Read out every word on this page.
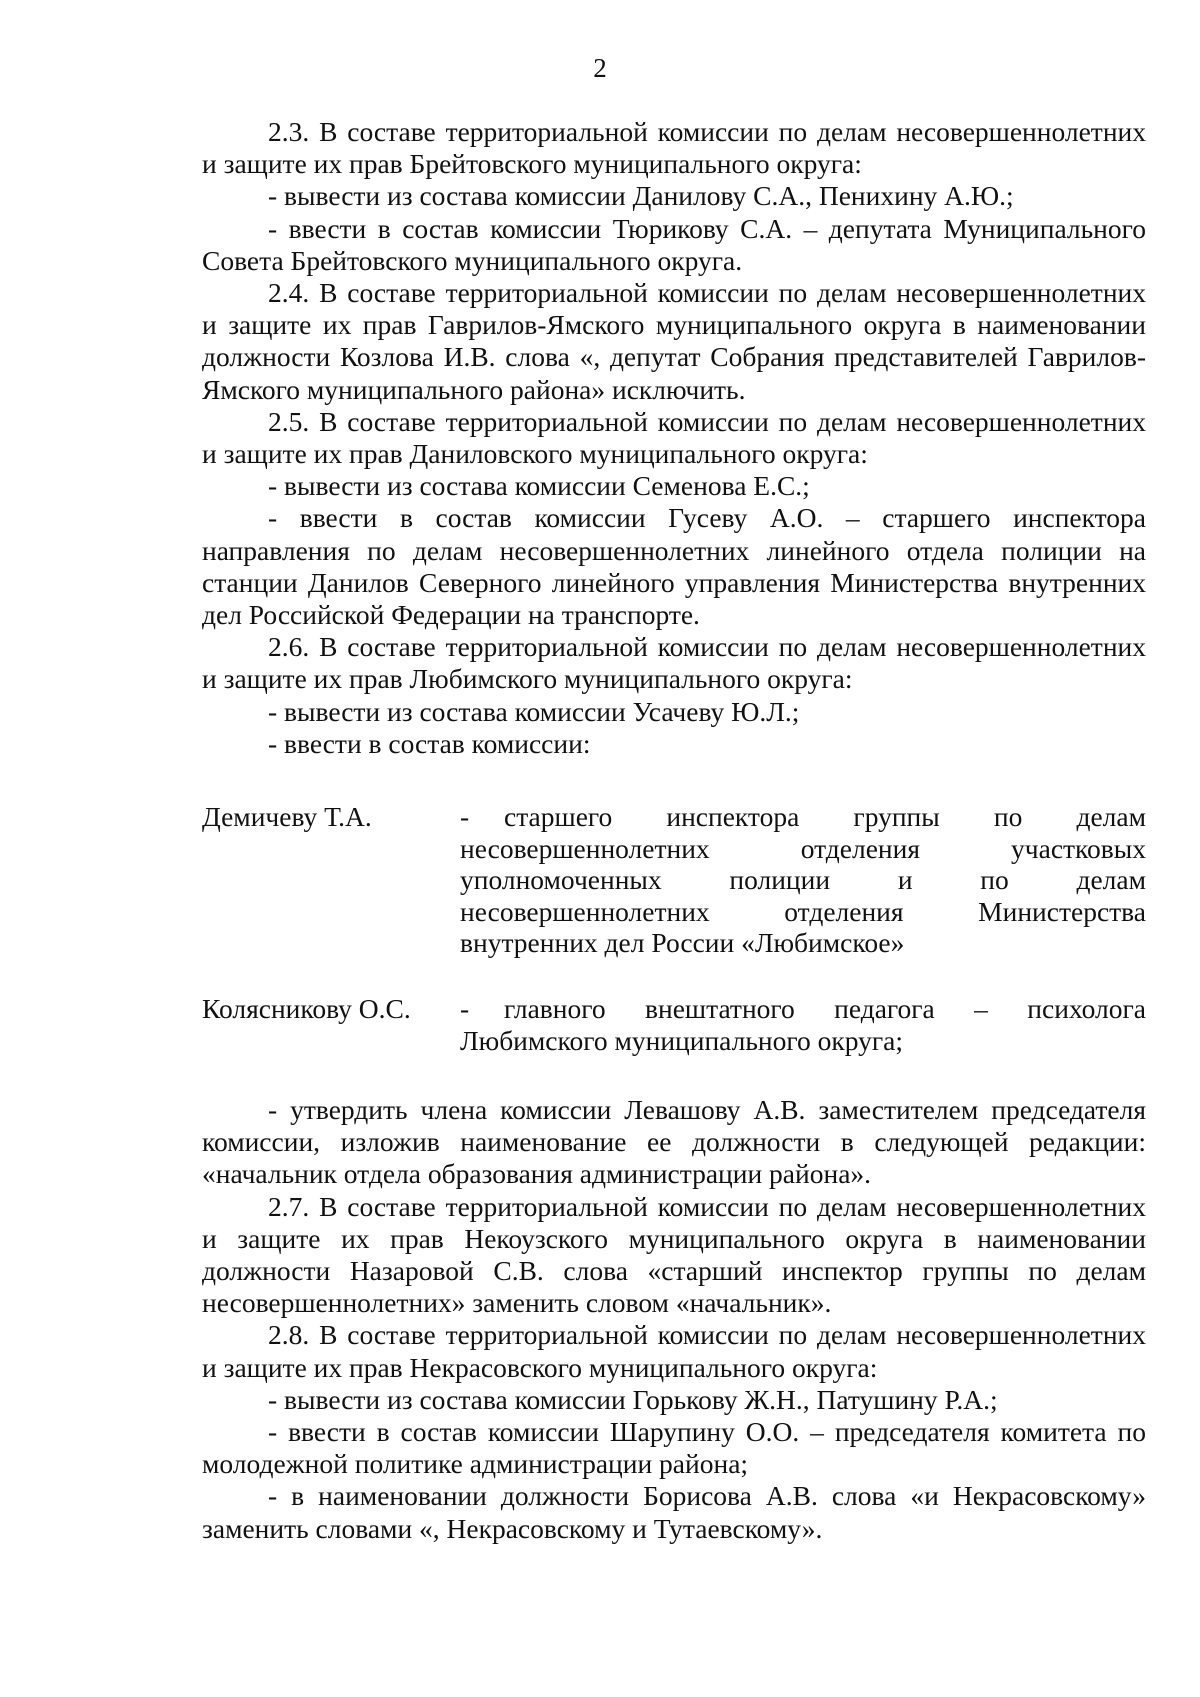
2

2.3. В составе территориальной комиссии по делам несовершеннолетних и защите их прав Брейтовского муниципального округа:

- вывести из состава комиссии Данилову С.А., Пенихину А.Ю.;

- ввести в состав комиссии Тюрикову С.А. – депутата Муниципального Совета Брейтовского муниципального округа.

2.4. В составе территориальной комиссии по делам несовершеннолетних и защите их прав Гаврилов-Ямского муниципального округа в наименовании должности Козлова И.В. слова «, депутат Собрания представителей Гаврилов-Ямского муниципального района» исключить.

2.5. В составе территориальной комиссии по делам несовершеннолетних и защите их прав Даниловского муниципального округа:

- вывести из состава комиссии Семенова Е.С.;

- ввести в состав комиссии Гусеву А.О. – старшего инспектора направления по делам несовершеннолетних линейного отдела полиции на станции Данилов Северного линейного управления Министерства внутренних дел Российской Федерации на транспорте.

2.6. В составе территориальной комиссии по делам несовершеннолетних и защите их прав Любимского муниципального округа:

- вывести из состава комиссии Усачеву Ю.Л.;

- ввести в состав комиссии:

Демичеву Т.А.	-	старшего инспектора группы по делам несовершеннолетних отделения участковых уполномоченных полиции и по делам несовершеннолетних отделения Министерства внутренних дел России «Любимское»
Колясникову О.С.	-	главного внештатного педагога – психолога Любимского муниципального округа;

- утвердить члена комиссии Левашову А.В. заместителем председателя комиссии, изложив наименование ее должности в следующей редакции: «начальник отдела образования администрации района».

2.7. В составе территориальной комиссии по делам несовершеннолетних и защите их прав Некоузского муниципального округа в наименовании должности Назаровой С.В. слова «старший инспектор группы по делам несовершеннолетних» заменить словом «начальник».

2.8. В составе территориальной комиссии по делам несовершеннолетних и защите их прав Некрасовского муниципального округа:

- вывести из состава комиссии Горькову Ж.Н., Патушину Р.А.;

- ввести в состав комиссии Шарупину О.О. – председателя комитета по молодежной политике администрации района;

- в наименовании должности Борисова А.В. слова «и Некрасовскому» заменить словами «, Некрасовскому и Тутаевскому».
